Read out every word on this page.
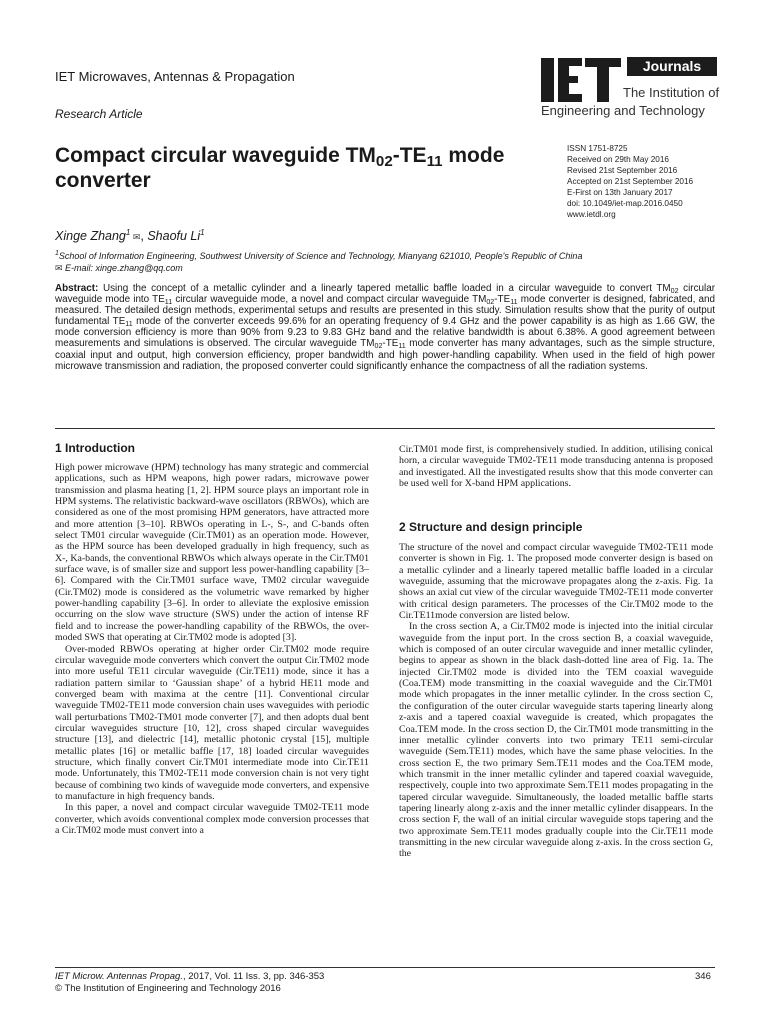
IET Microwaves, Antennas & Propagation
Research Article
Journals
The Institution of
Engineering and Technology
Compact circular waveguide $TM_{02}-TE_{11}$ mode converter
ISSN 1751-8725
Received on 29th May 2016
Revised 21st September 2016
Accepted on 21st September 2016
E-First on 13th January 2017
doi: 10.1049/iet-map.2016.0450
www.ietdl.org
Xinge Zhang$^1$ ✉, Shaofu Li$^1$
$^1$School of Information Engineering, Southwest University of Science and Technology, Mianyang 621010, People's Republic of China
✉ E-mail: xinge.zhang@qq.com
Abstract: Using the concept of a metallic cylinder and a linearly tapered metallic baffle loaded in a circular waveguide to convert $TM_{02}$ circular waveguide mode into $TE_{11}$ circular waveguide mode, a novel and compact circular waveguide $TM_{02}-TE_{11}$ mode converter is designed, fabricated, and measured. The detailed design methods, experimental setups and results are presented in this study. Simulation results show that the purity of output fundamental $TE_{11}$ mode of the converter exceeds 99.6% for an operating frequency of 9.4 GHz and the power capability is as high as 1.66 GW, the mode conversion efficiency is more than 90% from 9.23 to 9.83 GHz band and the relative bandwidth is about 6.38%. A good agreement between measurements and simulations is observed. The circular waveguide $TM_{02}-TE_{11}$ mode converter has many advantages, such as the simple structure, coaxial input and output, high conversion efficiency, proper bandwidth and high power-handling capability. When used in the field of high power microwave transmission and radiation, the proposed converter could significantly enhance the compactness of all the radiation systems.
1 Introduction

High power microwave (HPM) technology has many strategic and commercial applications, such as HPM weapons, high power radars, microwave power transmission and plasma heating [1, 2]. HPM source plays an important role in HPM systems. The relativistic backward-wave oscillators (RBWOs), which are considered as one of the most promising HPM generators, have attracted more and more attention [3–10]. RBWOs operating in L-, S-, and C-bands often select TM01 circular waveguide (Cir.TM01) as an operation mode. However, as the HPM source has been developed gradually in high frequency, such as X-, Ka-bands, the conventional RBWOs which always operate in the Cir.TM01 surface wave, is of smaller size and support less power-handling capability [3–6]. Compared with the Cir.TM01 surface wave, TM02 circular waveguide (Cir.TM02) mode is considered as the volumetric wave remarked by higher power-handling capability [3–6]. In order to alleviate the explosive emission occurring on the slow wave structure (SWS) under the action of intense RF field and to increase the power-handling capability of the RBWOs, the over-moded SWS that operating at Cir.TM02 mode is adopted [3].

Over-moded RBWOs operating at higher order Cir.TM02 mode require circular waveguide mode converters which convert the output Cir.TM02 mode into more useful TE11 circular waveguide (Cir.TE11) mode, since it has a radiation pattern similar to ‘Gaussian shape’ of a hybrid HE11 mode and converged beam with maxima at the centre [11]. Conventional circular waveguide TM02-TE11 mode conversion chain uses waveguides with periodic wall perturbations TM02-TM01 mode converter [7], and then adopts dual bent circular waveguides structure [10, 12], cross shaped circular waveguides structure [13], and dielectric [14], metallic photonic crystal [15], multiple metallic plates [16] or metallic baffle [17, 18] loaded circular waveguides structure, which finally convert Cir.TM01 intermediate mode into Cir.TE11 mode. Unfortunately, this TM02-TE11 mode conversion chain is not very tight because of combining two kinds of waveguide mode converters, and expensive to manufacture in high frequency bands.

In this paper, a novel and compact circular waveguide TM02-TE11 mode converter, which avoids conventional complex mode conversion processes that a Cir.TM02 mode must convert into a

Cir.TM01 mode first, is comprehensively studied. In addition, utilising conical horn, a circular waveguide TM02-TE11 mode transducing antenna is proposed and investigated. All the investigated results show that this mode converter can be used well for X-band HPM applications.

2 Structure and design principle

The structure of the novel and compact circular waveguide TM02-TE11 mode converter is shown in Fig. 1. The proposed mode converter design is based on a metallic cylinder and a linearly tapered metallic baffle loaded in a circular waveguide, assuming that the microwave propagates along the z-axis. Fig. 1a shows an axial cut view of the circular waveguide TM02-TE11 mode converter with critical design parameters. The processes of the Cir.TM02 mode to the Cir.TE11mode conversion are listed below.

In the cross section A, a Cir.TM02 mode is injected into the initial circular waveguide from the input port. In the cross section B, a coaxial waveguide, which is composed of an outer circular waveguide and inner metallic cylinder, begins to appear as shown in the black dash-dotted line area of Fig. 1a. The injected Cir.TM02 mode is divided into the TEM coaxial waveguide (Coa.TEM) mode transmitting in the coaxial waveguide and the Cir.TM01 mode which propagates in the inner metallic cylinder. In the cross section C, the configuration of the outer circular waveguide starts tapering linearly along z-axis and a tapered coaxial waveguide is created, which propagates the Coa.TEM mode. In the cross section D, the Cir.TM01 mode transmitting in the inner metallic cylinder converts into two primary TE11 semi-circular waveguide (Sem.TE11) modes, which have the same phase velocities. In the cross section E, the two primary Sem.TE11 modes and the Coa.TEM mode, which transmit in the inner metallic cylinder and tapered coaxial waveguide, respectively, couple into two approximate Sem.TE11 modes propagating in the tapered circular waveguide. Simultaneously, the loaded metallic baffle starts tapering linearly along z-axis and the inner metallic cylinder disappears. In the cross section F, the wall of an initial circular waveguide stops tapering and the two approximate Sem.TE11 modes gradually couple into the Cir.TE11 mode transmitting in the new circular waveguide along z-axis. In the cross section G, the

IET Microw. Antennas Propag., 2017, Vol. 11 Iss. 3, pp. 346-353
© The Institution of Engineering and Technology 2016
346
